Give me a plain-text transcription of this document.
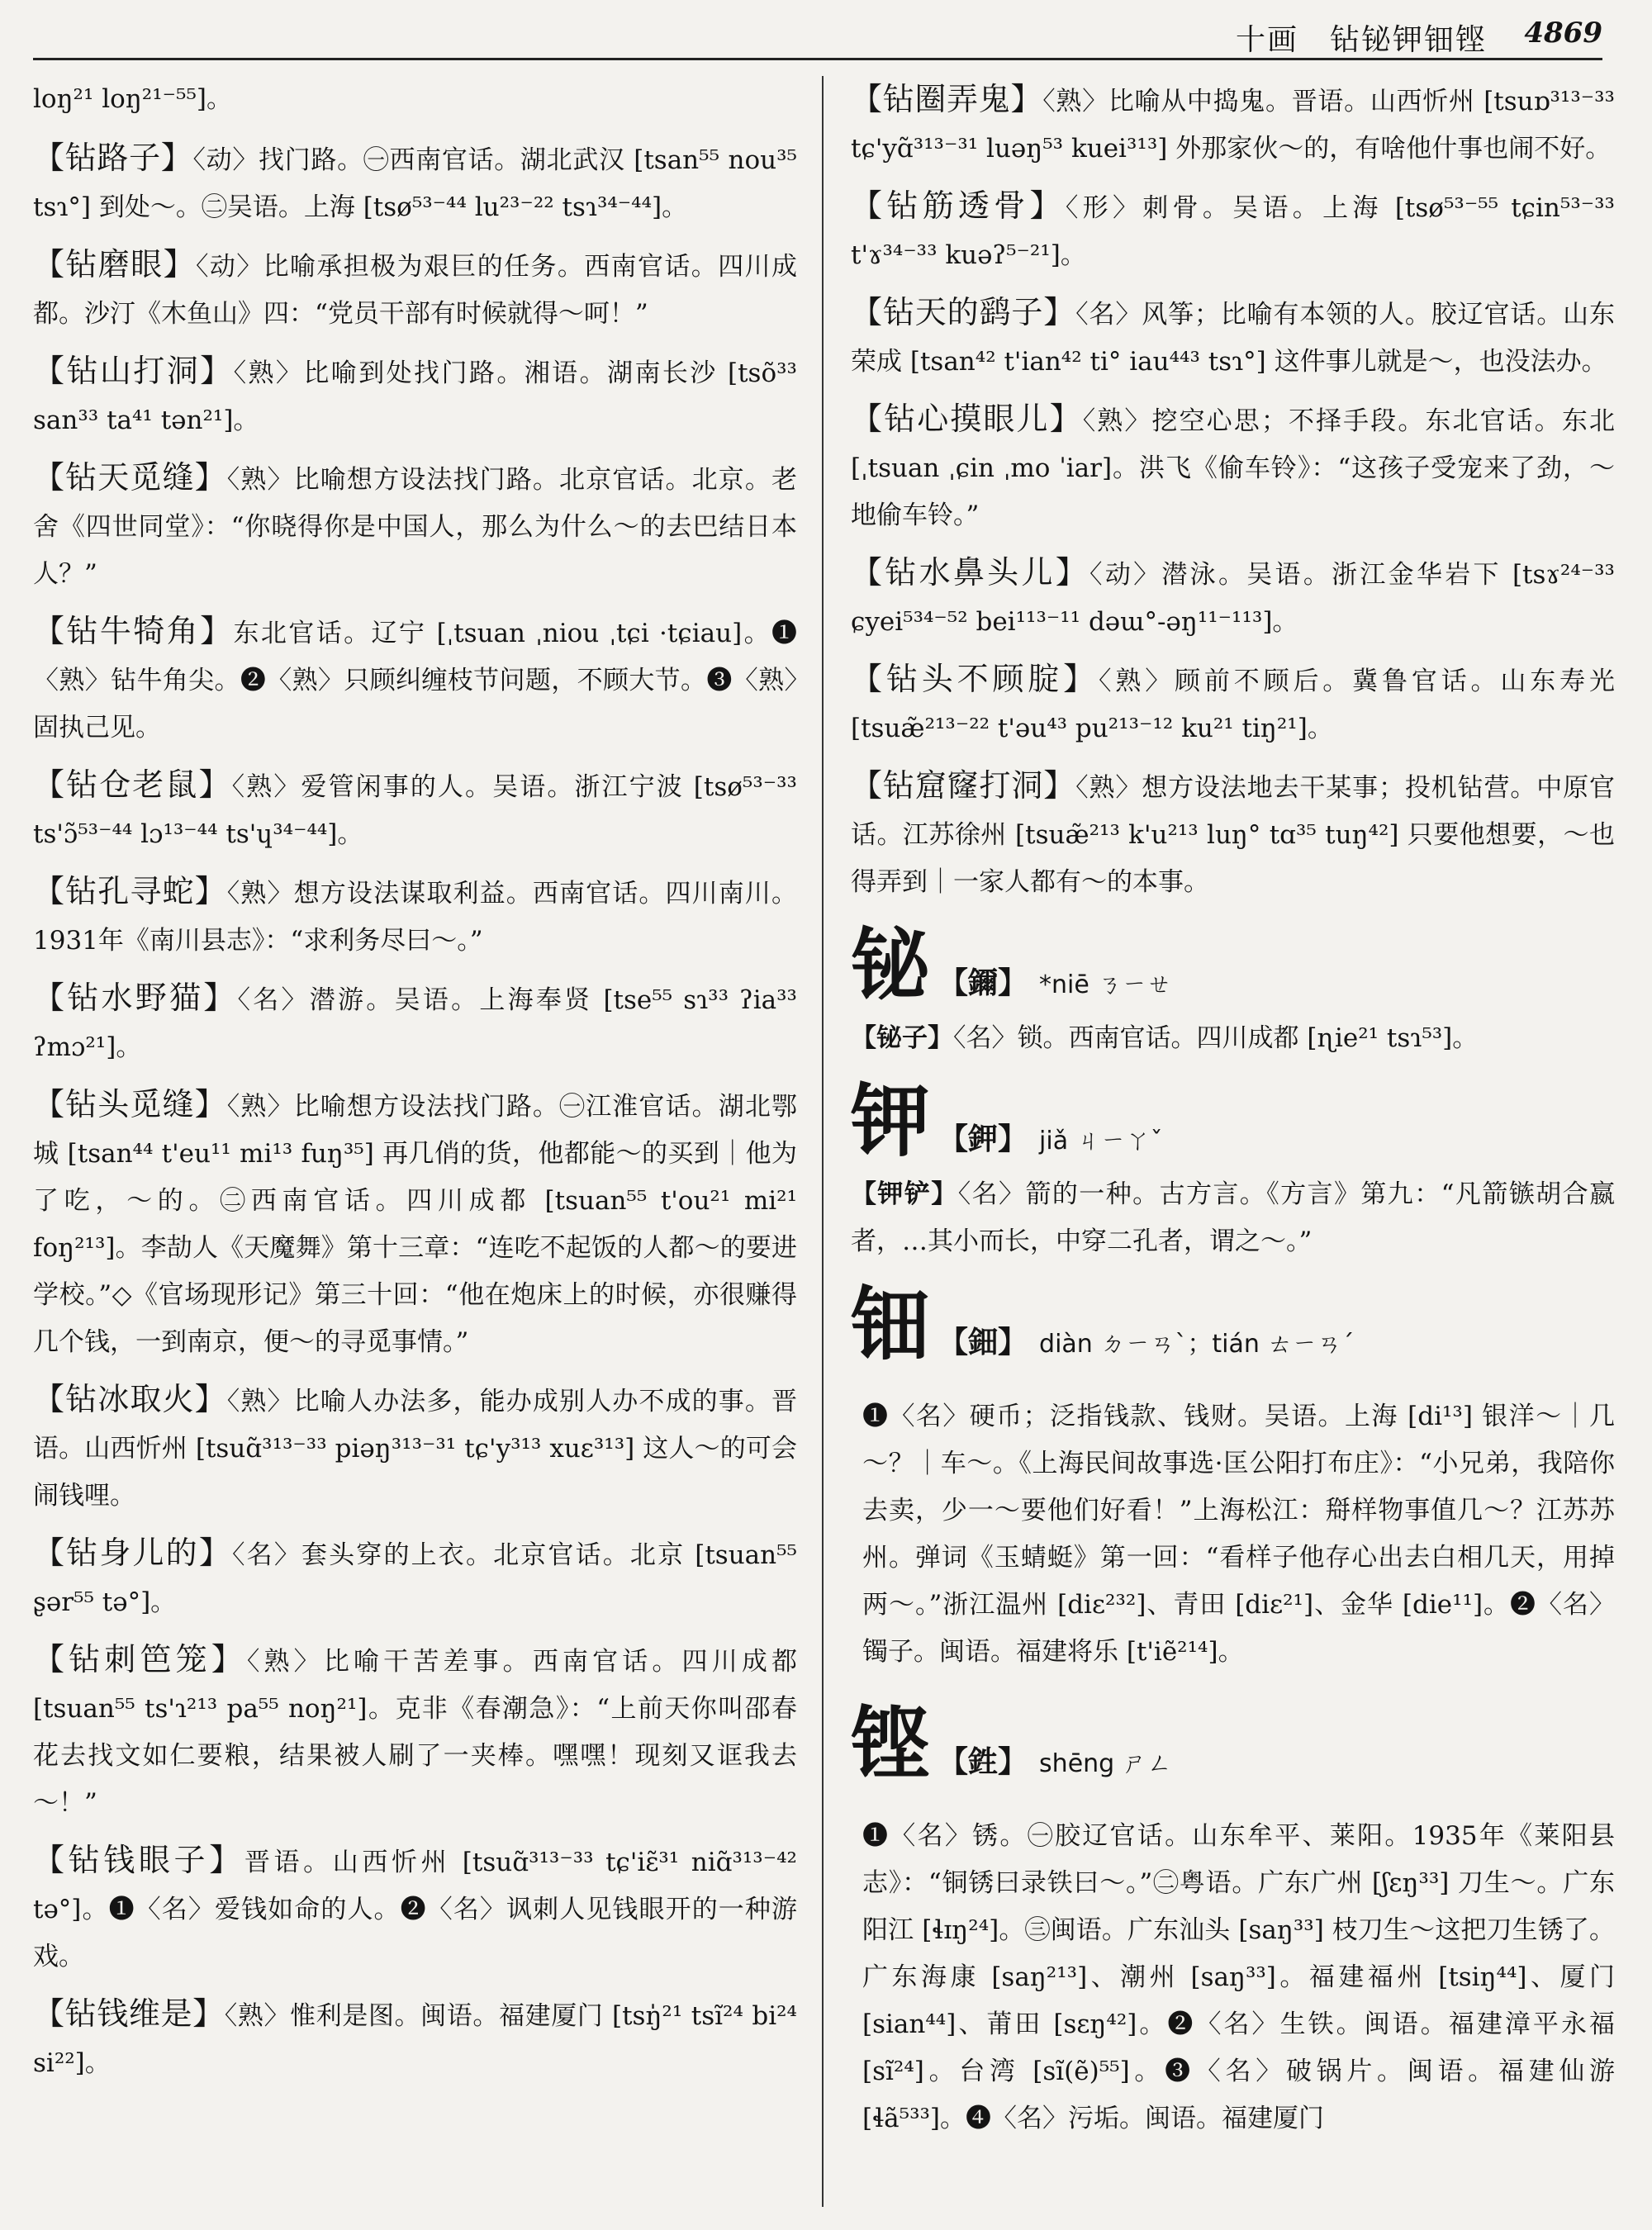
十画　钻铋钾钿铿 4869

loŋ²¹ loŋ²¹⁻⁵⁵]。

【 钻路子 】 〈动〉找门路。㊀西南官话。湖北武汉 [tsan⁵⁵ nou³⁵ tsɿ°] 到处～。㊁吴语。上海 [tsø⁵³⁻⁴⁴ lu²³⁻²² tsɿ³⁴⁻⁴⁴]。

【 钻磨眼 】 〈动〉比喻承担极为艰巨的任务。西南官话。四川成都。沙汀《木鱼山》四：“党员干部有时候就得～呵！”

【 钻山打洞 】 〈熟〉比喻到处找门路。湘语。湖南长沙 [tsõ³³ san³³ ta⁴¹ tən²¹]。

【 钻天觅缝 】 〈熟〉比喻想方设法找门路。北京官话。北京。老舍《四世同堂》：“你晓得你是中国人，那么为什么～的去巴结日本人？”

【 钻牛犄角 】 东北官话。辽宁 [ˌtsuan ˌniou ˌtɕi ·tɕiau]。❶〈熟〉钻牛角尖。❷〈熟〉只顾纠缠枝节问题，不顾大节。❸〈熟〉固执己见。

【 钻仓老鼠 】 〈熟〉爱管闲事的人。吴语。浙江宁波 [tsø⁵³⁻³³ ts'ɔ̃⁵³⁻⁴⁴ lɔ¹³⁻⁴⁴ ts'ɥ³⁴⁻⁴⁴]。

【 钻孔寻蛇 】 〈熟〉想方设法谋取利益。西南官话。四川南川。1931年《南川县志》：“求利务尽曰～。”

【 钻水野猫 】 〈名〉潜游。吴语。上海奉贤 [tse⁵⁵ sɿ³³ ʔia³³ ʔmɔ²¹]。

【 钻头觅缝 】 〈熟〉比喻想方设法找门路。㊀江淮官话。湖北鄂城 [tsan⁴⁴ t'eu¹¹ mi¹³ fuŋ³⁵] 再几俏的货，他都能～的买到｜他为了吃，～的。㊁西南官话。四川成都 [tsuan⁵⁵ t'ou²¹ mi²¹ foŋ²¹³]。李劼人《天魔舞》第十三章：“连吃不起饭的人都～的要进学校。”◇《官场现形记》第三十回：“他在炮床上的时候，亦很赚得几个钱，一到南京，便～的寻觅事情。”

【 钻冰取火 】 〈熟〉比喻人办法多，能办成别人办不成的事。晋语。山西忻州 [tsuɑ̃³¹³⁻³³ piəŋ³¹³⁻³¹ tɕ'y³¹³ xuɛ³¹³] 这人～的可会闹钱哩。

【 钻身儿的 】 〈名〉套头穿的上衣。北京官话。北京 [tsuan⁵⁵ ʂər⁵⁵ tə°]。

【 钻刺笆笼 】 〈熟〉比喻干苦差事。西南官话。四川成都 [tsuan⁵⁵ ts'ɿ²¹³ pa⁵⁵ noŋ²¹]。克非《春潮急》：“上前天你叫邵春花去找文如仁要粮，结果被人刷了一夹棒。嘿嘿！现刻又诓我去～！”

【 钻钱眼子 】 晋语。山西忻州 [tsuɑ̃³¹³⁻³³ tɕ'iɛ̃³¹ niɑ̃³¹³⁻⁴² tə°]。❶〈名〉爱钱如命的人。❷〈名〉讽刺人见钱眼开的一种游戏。

【 钻钱维是 】 〈熟〉惟利是图。闽语。福建厦门 [tsŋ̍²¹ tsĩ²⁴ bi²⁴ si²²]。

【 钻圈弄鬼 】 〈熟〉比喻从中捣鬼。晋语。山西忻州 [tsuɒ³¹³⁻³³ tɕ'yɑ̃³¹³⁻³¹ luəŋ⁵³ kuei³¹³] 外那家伙～的，有啥他什事也闹不好。

【 钻筋透骨 】 〈形〉刺骨。吴语。上海 [tsø⁵³⁻⁵⁵ tɕin⁵³⁻³³ t'ɤ³⁴⁻³³ kuəʔ⁵⁻²¹]。

【 钻天的鹞子 】 〈名〉风筝；比喻有本领的人。胶辽官话。山东荣成 [tsan⁴² t'ian⁴² ti° iau⁴⁴³ tsɿ°] 这件事儿就是～，也没法办。

【 钻心摸眼儿 】 〈熟〉挖空心思；不择手段。东北官话。东北 [ˌtsuan ˌɕin ˌmo ˈiar]。洪飞《偷车铃》：“这孩子受宠来了劲，～地偷车铃。”

【 钻水鼻头儿 】 〈动〉潜泳。吴语。浙江金华岩下 [tsɤ²⁴⁻³³ ɕyei⁵³⁴⁻⁵² bei¹¹³⁻¹¹ dəɯ°-əŋ¹¹⁻¹¹³]。

【 钻头不顾腚 】 〈熟〉顾前不顾后。冀鲁官话。山东寿光 [tsuæ̃²¹³⁻²² t'əu⁴³ pu²¹³⁻¹² ku²¹ tiŋ²¹]。

【 钻窟窿打洞 】 〈熟〉想方设法地去干某事；投机钻营。中原官话。江苏徐州 [tsuæ̃²¹³ k'u²¹³ luŋ° tɑ³⁵ tuŋ⁴²] 只要他想要，～也得弄到｜一家人都有～的本事。

铋	【 鑈 】	*niē ㄋㄧㄝ

【 铋子 】 〈名〉锁。西南官话。四川成都 [ɳie²¹ tsɿ⁵³]。

钾	【 鉀 】	jiǎ ㄐㄧㄚˇ

【 钾铲 】 〈名〉箭的一种。古方言。《方言》第九：“凡箭镞胡合嬴者，…其小而长，中穿二孔者，谓之～。”

钿	【 鈿 】	diàn ㄉㄧㄢˋ；tián ㄊㄧㄢˊ

❶〈名〉硬币；泛指钱款、钱财。吴语。上海 [di¹³] 银洋～｜几～？｜车～。《上海民间故事选·匡公阳打布庄》：“小兄弟，我陪你去卖，少一～要他们好看！”上海松江：搿样物事值几～？江苏苏州。弹词《玉蜻蜓》第一回：“看样子他存心出去白相几天，用掉两～。”浙江温州 [diɛ²³²]、青田 [diɛ²¹]、金华 [die¹¹]。❷〈名〉镯子。闽语。福建将乐 [t'iẽ²¹⁴]。

铿	【 鉎 】	shēng ㄕㄥ

❶〈名〉锈。㊀胶辽官话。山东牟平、莱阳。1935年《莱阳县志》：“铜锈曰录铁曰～。”㊁粤语。广东广州 [ʃɛŋ³³] 刀生～。广东阳江 [ɬɪŋ²⁴]。㊂闽语。广东汕头 [saŋ³³] 枝刀生～这把刀生锈了。广东海康 [saŋ²¹³]、潮州 [saŋ³³]。福建福州 [tsiŋ⁴⁴]、厦门 [sian⁴⁴]、莆田 [sɛŋ⁴²]。❷〈名〉生铁。闽语。福建漳平永福 [sĩ²⁴]。台湾 [sĩ(ẽ)⁵⁵]。❸〈名〉破锅片。闽语。福建仙游 [ɬã⁵³³]。❹〈名〉污垢。闽语。福建厦门
